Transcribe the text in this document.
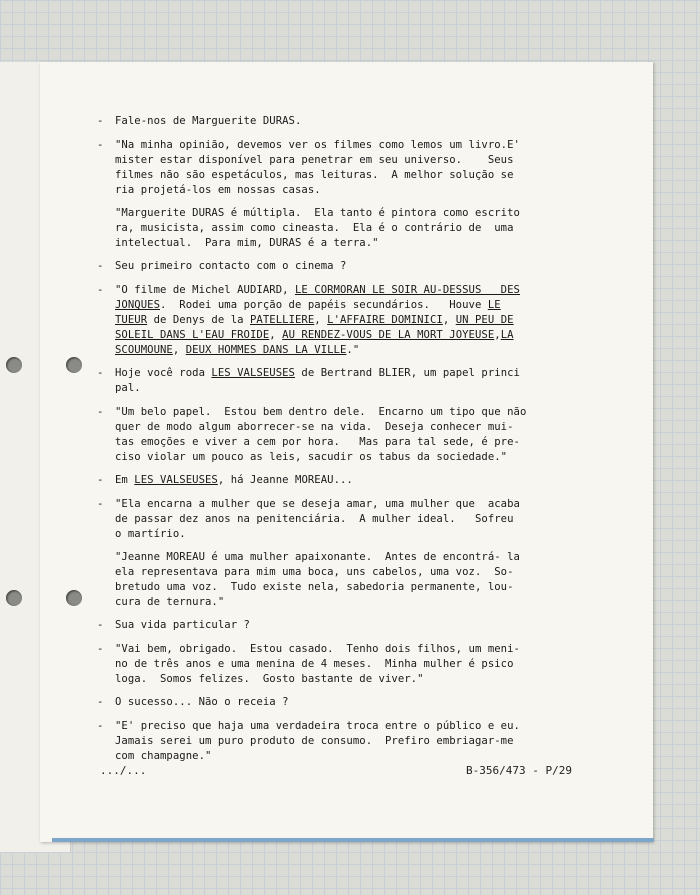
- Fale-nos de Marguerite DURAS.
- "Na minha opinião, devemos ver os filmes como lemos um livro.E'
mister estar disponível para penetrar em seu universo.    Seus
filmes não são espetáculos, mas leituras.  A melhor solução se
ria projetá-los em nossas casas.
"Marguerite DURAS é múltipla.  Ela tanto é pintora como escrito
ra, musicista, assim como cineasta.  Ela é o contrário de  uma
intelectual.  Para mim, DURAS é a terra."
- Seu primeiro contacto com o cinema ?
- "O filme de Michel AUDIARD, LE CORMORAN LE SOIR AU-DESSUS   DES
JONQUES.  Rodei uma porção de papéis secundários.   Houve LE
TUEUR de Denys de la PATELLIERE, L'AFFAIRE DOMINICI, UN PEU DE
SOLEIL DANS L'EAU FROIDE, AU RENDEZ-VOUS DE LA MORT JOYEUSE,LA
SCOUMOUNE, DEUX HOMMES DANS LA VILLE."
- Hoje você roda LES VALSEUSES de Bertrand BLIER, um papel princi
pal.
- "Um belo papel.  Estou bem dentro dele.  Encarno um tipo que não
quer de modo algum aborrecer-se na vida.  Deseja conhecer mui-
tas emoções e viver a cem por hora.   Mas para tal sede, é pre-
ciso violar um pouco as leis, sacudir os tabus da sociedade."
- Em LES VALSEUSES, há Jeanne MOREAU...
- "Ela encarna a mulher que se deseja amar, uma mulher que  acaba
de passar dez anos na penitenciária.  A mulher ideal.   Sofreu
o martírio.
"Jeanne MOREAU é uma mulher apaixonante.  Antes de encontrá- la
ela representava para mim uma boca, uns cabelos, uma voz.  So-
bretudo uma voz.  Tudo existe nela, sabedoria permanente, lou-
cura de ternura."
- Sua vida particular ?
- "Vai bem, obrigado.  Estou casado.  Tenho dois filhos, um meni-
no de três anos e uma menina de 4 meses.  Minha mulher é psico
loga.  Somos felizes.  Gosto bastante de viver."
- O sucesso... Não o receia ?
- "E' preciso que haja uma verdadeira troca entre o público e eu.
Jamais serei um puro produto de consumo.  Prefiro embriagar-me
com champagne."
.../...	B-356/473 - P/29
